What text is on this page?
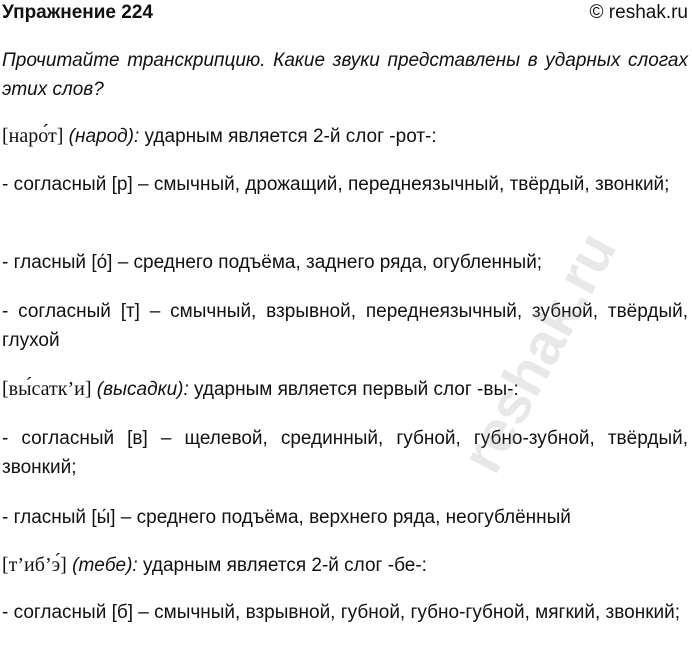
Упражнение 224	© reshak.ru
Прочитайте транскрипцию. Какие звуки представлены в ударных слогах этих слов?
[наро́т] (народ): ударным является 2-й слог -рот-:
- согласный [р] – смычный, дрожащий, переднеязычный, твёрдый, звонкий;
- гласный [о́] – среднего подъёма, заднего ряда, огубленный;
- согласный [т] – смычный, взрывной, переднеязычный, зубной, твёрдый, глухой
[вы́сатк’и] (высадки): ударным является первый слог -вы-:
- согласный [в] – щелевой, срединный, губной, губно-зубной, твёрдый, звонкий;
- гласный [ы́] – среднего подъёма, верхнего ряда, неогублённый
[т’иб’э́] (тебе): ударным является 2-й слог -бе-:
- согласный [б] – смычный, взрывной, губной, губно-губной, мягкий, звонкий;
reshak.ru
